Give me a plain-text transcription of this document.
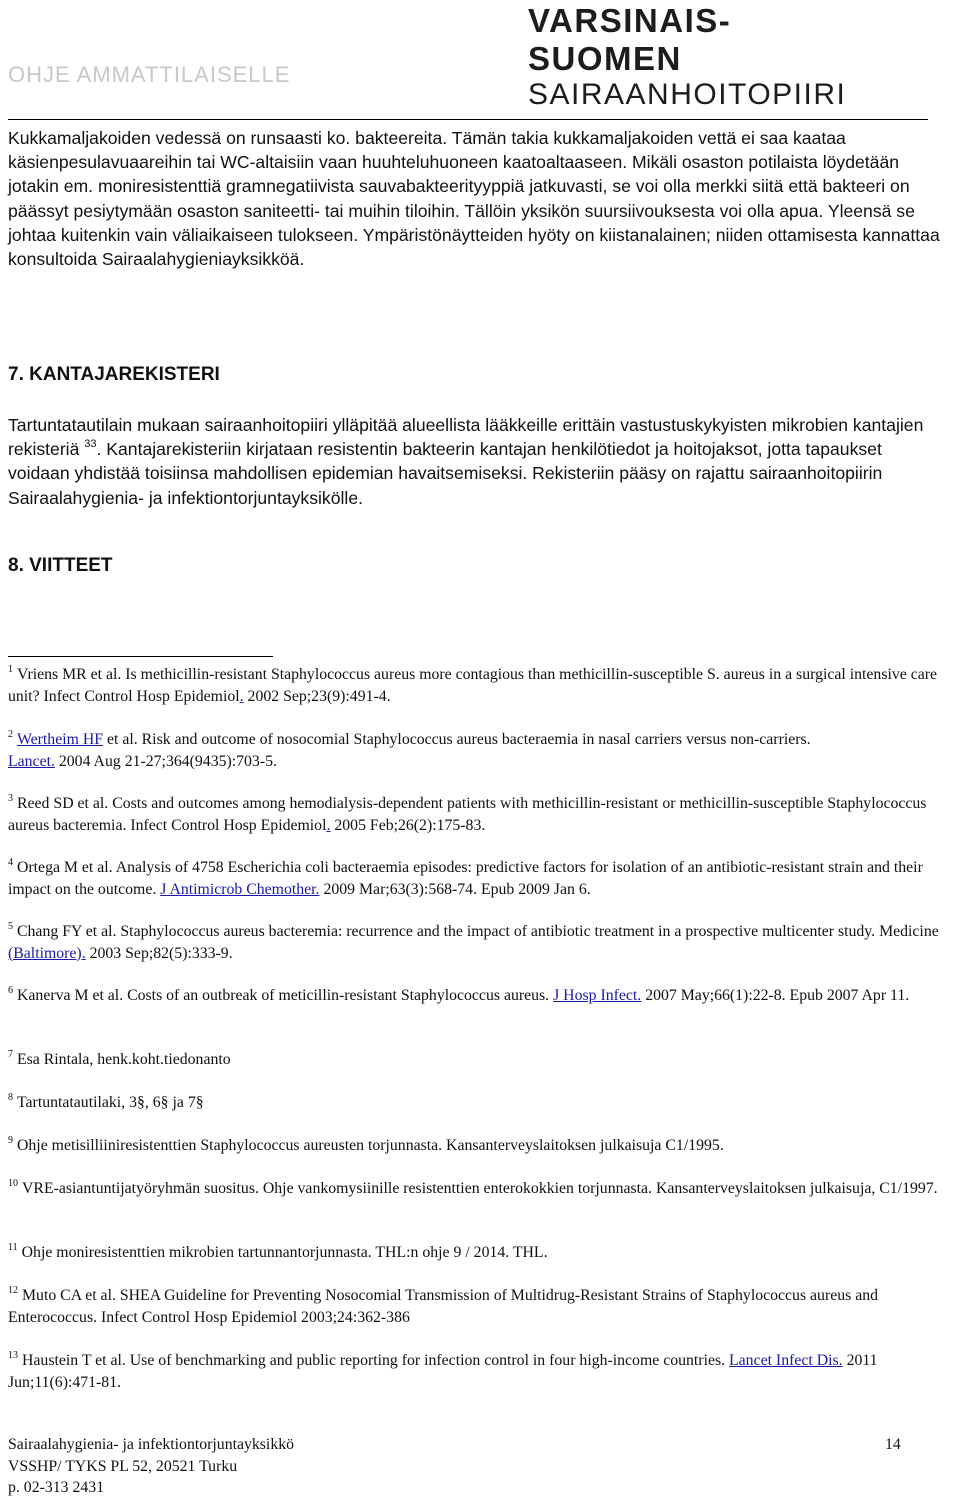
OHJE AMMATTILAISELLE
VARSINAIS-SUOMEN
SAIRAANHOITOPIIRI

Kukkamaljakoiden vedessä on runsaasti ko. bakteereita. Tämän takia kukkamaljakoiden vettä ei saa kaataa käsienpesulavuaareihin tai WC-altaisiin vaan huuhteluhuoneen kaatoaltaaseen. Mikäli osaston potilaista löydetään jotakin em. moniresistenttiä gramnegatiivista sauvabakteerityyppiä jatkuvasti, se voi olla merkki siitä että bakteeri on päässyt pesiytymään osaston saniteetti- tai muihin tiloihin. Tällöin yksikön suursiivouksesta voi olla apua. Yleensä se johtaa kuitenkin vain väliaikaiseen tulokseen. Ympäristönäytteiden hyöty on kiistanalainen; niiden ottamisesta kannattaa konsultoida Sairaalahygieniayksikköä.

7. KANTAJAREKISTERI

Tartuntatautilain mukaan sairaanhoitopiiri ylläpitää alueellista lääkkeille erittäin vastustuskykyisten mikrobien kantajien rekisteriä $^{33}$. Kantajarekisteriin kirjataan resistentin bakteerin kantajan henkilötiedot ja hoitojaksot, jotta tapaukset voidaan yhdistää toisiinsa mahdollisen epidemian havaitsemiseksi. Rekisteriin pääsy on rajattu sairaanhoitopiirin Sairaalahygienia- ja infektiontorjuntayksikölle.

8. VIITTEET

$^1$ Vriens MR et al. Is methicillin-resistant Staphylococcus aureus more contagious than methicillin-susceptible S. aureus in a surgical intensive care unit? Infect Control Hosp Epidemiol. 2002 Sep;23(9):491-4.

$^2$ Wertheim HF et al. Risk and outcome of nosocomial Staphylococcus aureus bacteraemia in nasal carriers versus non-carriers.
Lancet. 2004 Aug 21-27;364(9435):703-5.

$^3$ Reed SD et al. Costs and outcomes among hemodialysis-dependent patients with methicillin-resistant or methicillin-susceptible Staphylococcus aureus bacteremia. Infect Control Hosp Epidemiol. 2005 Feb;26(2):175-83.

$^4$ Ortega M et al. Analysis of 4758 Escherichia coli bacteraemia episodes: predictive factors for isolation of an antibiotic-resistant strain and their impact on the outcome. J Antimicrob Chemother. 2009 Mar;63(3):568-74. Epub 2009 Jan 6.

$^5$ Chang FY et al. Staphylococcus aureus bacteremia: recurrence and the impact of antibiotic treatment in a prospective multicenter study. Medicine (Baltimore). 2003 Sep;82(5):333-9.

$^6$ Kanerva M et al. Costs of an outbreak of meticillin-resistant Staphylococcus aureus. J Hosp Infect. 2007 May;66(1):22-8. Epub 2007 Apr 11.

$^7$ Esa Rintala, henk.koht.tiedonanto

$^8$ Tartuntatautilaki, 3§, 6§ ja 7§

$^9$ Ohje metisilliiniresistenttien Staphylococcus aureusten torjunnasta. Kansanterveyslaitoksen julkaisuja C1/1995.

$^{10}$ VRE-asiantuntijatyöryhmän suositus. Ohje vankomysiinille resistenttien enterokokkien torjunnasta. Kansanterveyslaitoksen julkaisuja, C1/1997.

$^{11}$ Ohje moniresistenttien mikrobien tartunnantorjunnasta. THL:n ohje 9 / 2014. THL.

$^{12}$ Muto CA et al. SHEA Guideline for Preventing Nosocomial Transmission of Multidrug-Resistant Strains of Staphylococcus aureus and Enterococcus. Infect Control Hosp Epidemiol 2003;24:362-386

$^{13}$ Haustein T et al. Use of benchmarking and public reporting for infection control in four high-income countries. Lancet Infect Dis. 2011 Jun;11(6):471-81.

Sairaalahygienia- ja infektiontorjuntayksikkö

VSSHP/ TYKS PL 52, 20521 Turku

p. 02-313 2431

14
